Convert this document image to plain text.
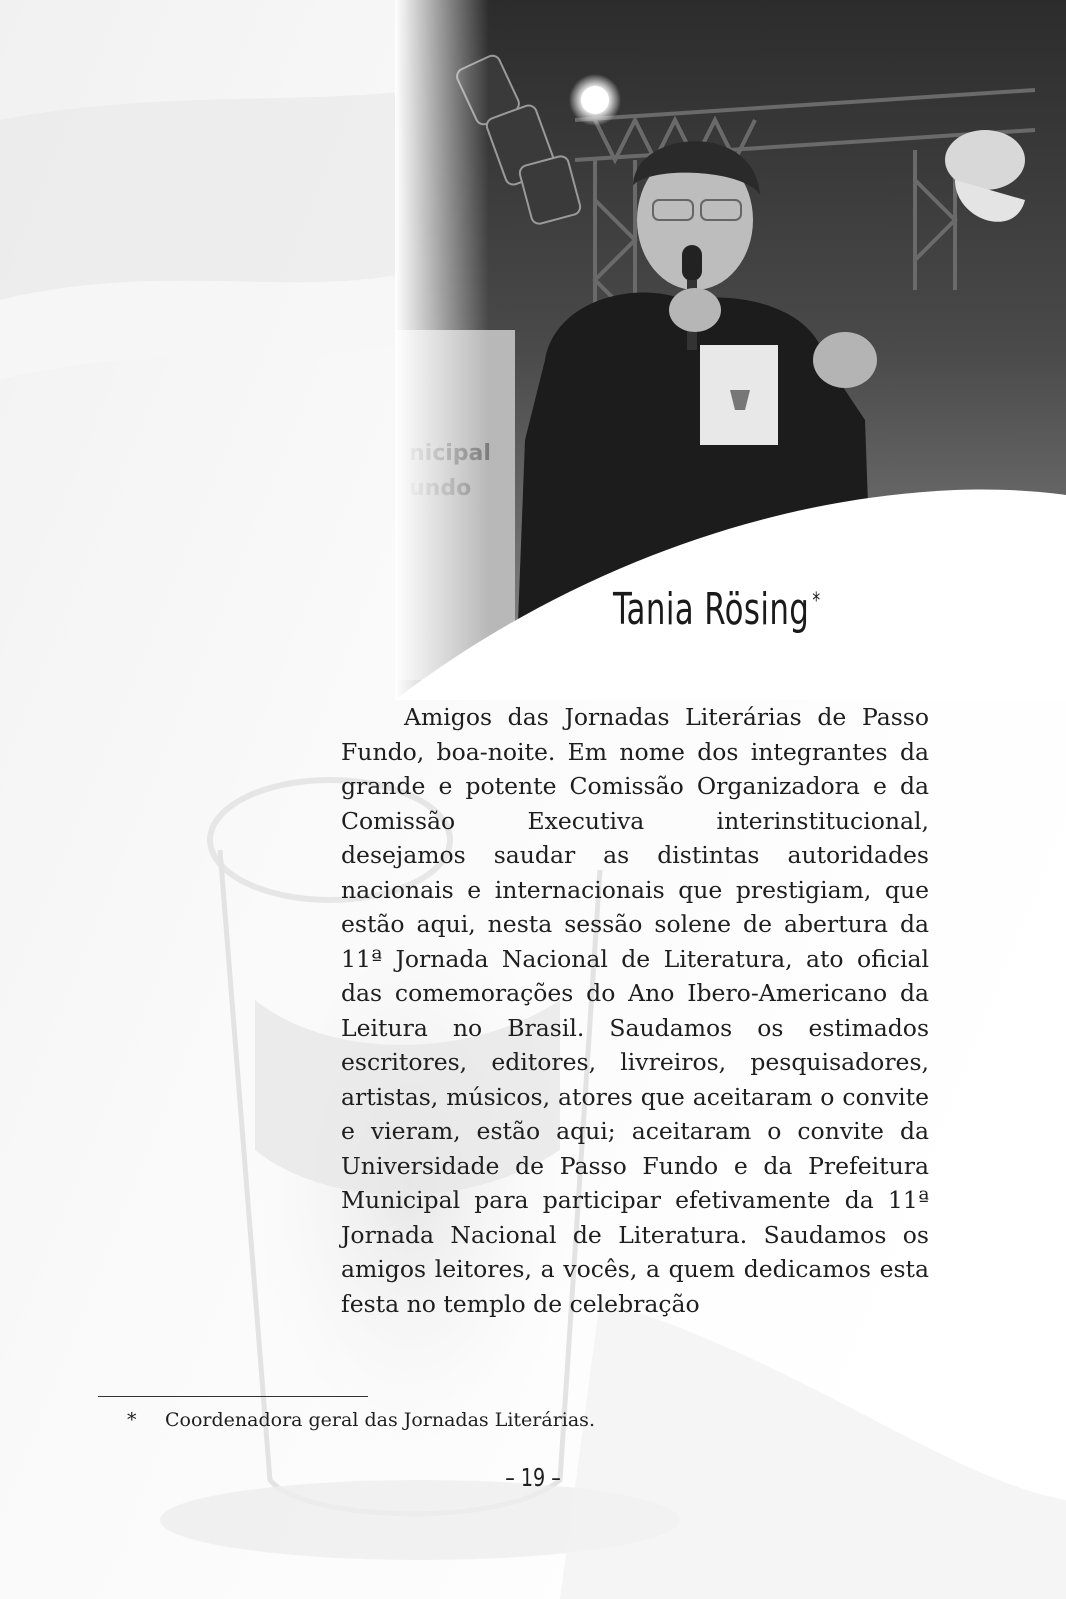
Tania Rösing *

Amigos das Jornadas Literárias de Passo Fundo, boa-noite. Em nome dos integrantes da grande e potente Comissão Organizadora e da Comissão Executiva interinstitucional, desejamos saudar as distintas autoridades nacionais e internacionais que prestigiam, que estão aqui, nesta sessão solene de abertura da 11ª Jornada Nacional de Literatura, ato oficial das comemorações do Ano Ibero-Americano da Leitura no Brasil. Saudamos os estimados escritores, editores, livreiros, pesquisadores, artistas, músicos, atores que aceitaram o convite e vieram, estão aqui; aceitaram o convite da Universidade de Passo Fundo e da Prefeitura Municipal para participar efetivamente da 11ª Jornada Nacional de Literatura. Saudamos os amigos leitores, a vocês, a quem dedicamos esta festa no templo de celebração

* Coordenadora geral das Jornadas Literárias.
– 19 –
